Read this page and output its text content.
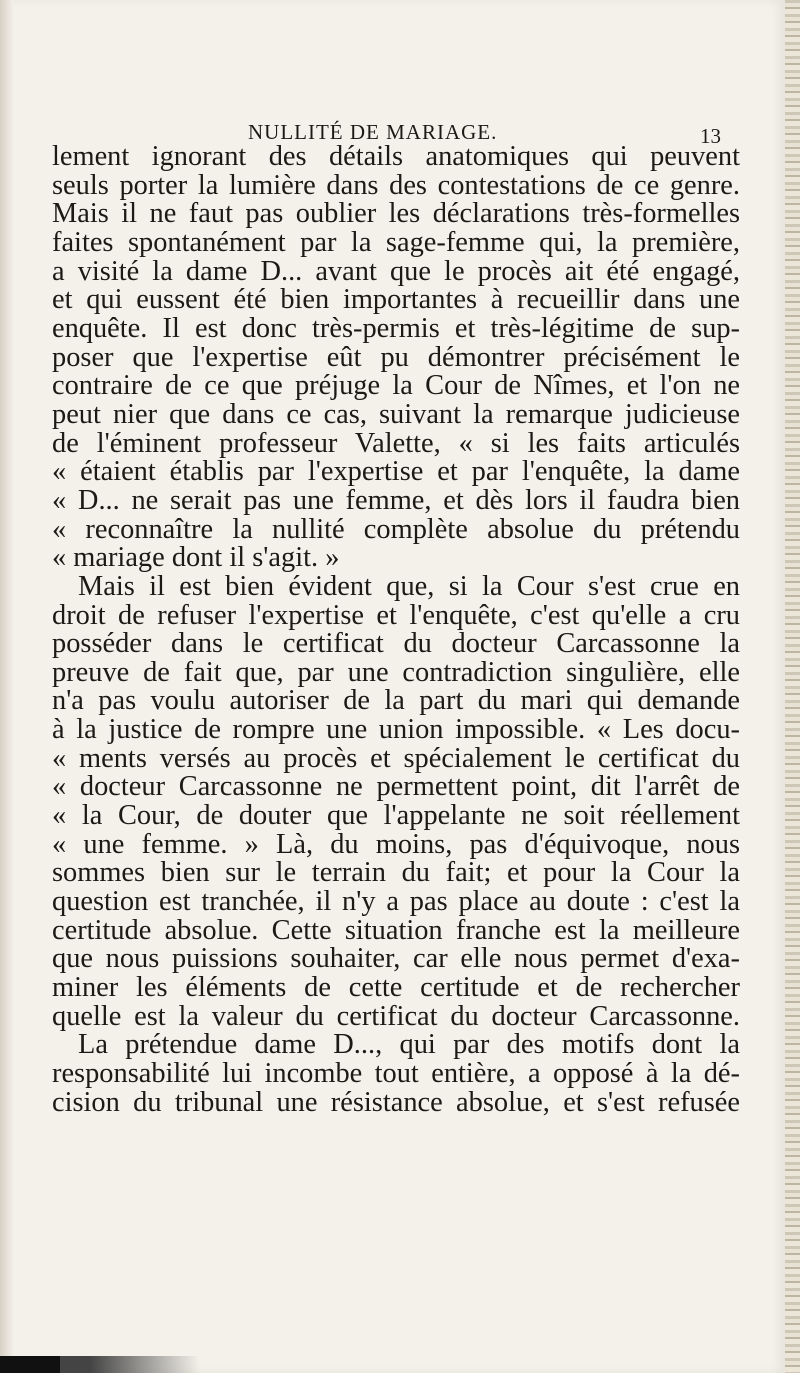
NULLITÉ DE MARIAGE.	13
lement ignorant des détails anatomiques qui peuvent
seuls porter la lumière dans des contestations de ce genre.
Mais il ne faut pas oublier les déclarations très-formelles
faites spontanément par la sage-femme qui, la première,
a visité la dame D... avant que le procès ait été engagé,
et qui eussent été bien importantes à recueillir dans une
enquête. Il est donc très-permis et très-légitime de sup-
poser que l'expertise eût pu démontrer précisément le
contraire de ce que préjuge la Cour de Nîmes, et l'on ne
peut nier que dans ce cas, suivant la remarque judicieuse
de l'éminent professeur Valette, « si les faits articulés
« étaient établis par l'expertise et par l'enquête, la dame
« D... ne serait pas une femme, et dès lors il faudra bien
« reconnaître la nullité complète absolue du prétendu
« mariage dont il s'agit. »
Mais il est bien évident que, si la Cour s'est crue en
droit de refuser l'expertise et l'enquête, c'est qu'elle a cru
posséder dans le certificat du docteur Carcassonne la
preuve de fait que, par une contradiction singulière, elle
n'a pas voulu autoriser de la part du mari qui demande
à la justice de rompre une union impossible. « Les docu-
« ments versés au procès et spécialement le certificat du
« docteur Carcassonne ne permettent point, dit l'arrêt de
« la Cour, de douter que l'appelante ne soit réellement
« une femme. » Là, du moins, pas d'équivoque, nous
sommes bien sur le terrain du fait; et pour la Cour la
question est tranchée, il n'y a pas place au doute : c'est la
certitude absolue. Cette situation franche est la meilleure
que nous puissions souhaiter, car elle nous permet d'exa-
miner les éléments de cette certitude et de rechercher
quelle est la valeur du certificat du docteur Carcassonne.
La prétendue dame D..., qui par des motifs dont la
responsabilité lui incombe tout entière, a opposé à la dé-
cision du tribunal une résistance absolue, et s'est refusée
